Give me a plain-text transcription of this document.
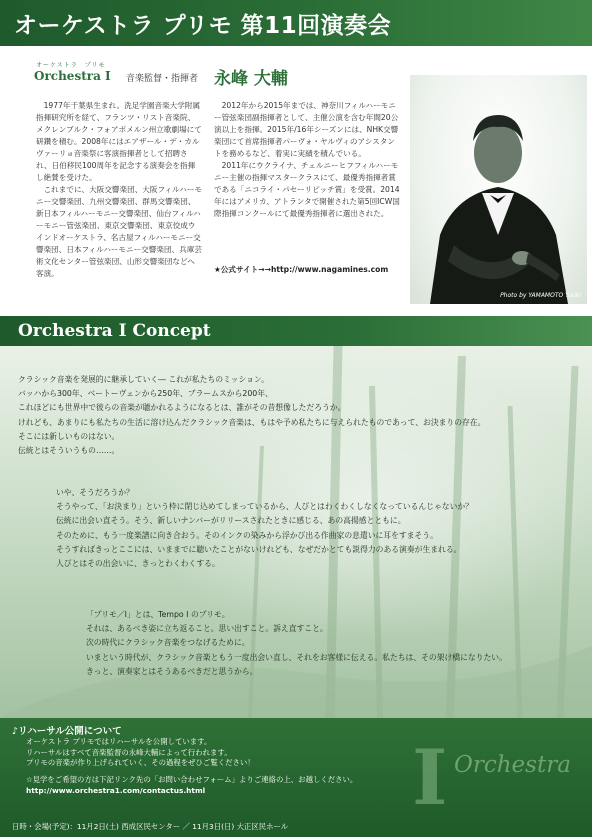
オーケストラ プリモ 第11回演奏会
オーケストラ　プリモ
Orchestra I 音楽監督・指揮者 永峰 大輔

1977年千葉県生まれ。洗足学園音楽大学附属指揮研究所を経て、フランツ・リスト音楽院、メクレンブルク・フォアポメルン州立歌劇場にて研鑽を積む。2008年にはエアザール・デ・カルヴァーリョ音楽祭に客演指揮者として招聘され、日伯移民100周年を記念する演奏会を指揮し絶賛を受けた。

これまでに、大阪交響楽団、大阪フィルハーモニー交響楽団、九州交響楽団、群馬交響楽団、新日本フィルハーモニー交響楽団、仙台フィルハーモニー管弦楽団、東京交響楽団、東京佼成ウインドオーケストラ、名古屋フィルハーモニー交響楽団、日本フィルハーモニー交響楽団、兵庫芸術文化センター管弦楽団、山形交響楽団などへ客演。

2012年から2015年までは、神奈川フィルハーモニー管弦楽団副指揮者として、主催公演を含む年間20公演以上を指揮。2015年/16年シーズンには、NHK交響楽団にて首席指揮者パーヴォ・ヤルヴィのアシスタントを務めるなど、着実に実績を積んでいる。

2011年にウクライナ、チェルニーヒフフィルハーモニー主催の指揮マスタークラスにて、最優秀指揮者賞である「ニコライ・パセーリピッチ賞」を受賞。2014年にはアメリカ、アトランタで開催された第5回ICW国際指揮コンクールにて最優秀指揮者に選出された。

★公式サイト→→http://www.nagamines.com
Photo by YAMAMOTO Yuuki
Orchestra I Concept
クラシック音楽を発展的に継承していく― これが私たちのミッション。
バッハから300年、ベートーヴェンから250年、ブラームスから200年、
これほどにも世界中で彼らの音楽が聴かれるようになるとは、誰がその昔想像しただろうか。
けれども、あまりにも私たちの生活に溶け込んだクラシック音楽は、もはや予め私たちに与えられたものであって、お決まりの存在。
そこには新しいものはない。
伝統とはそういうもの……。
いや、そうだろうか？
そうやって、「お決まり」という枠に閉じ込めてしまっているから、人びとはわくわくしなくなっているんじゃないか？
伝統に出会い直そう。そう、新しいナンバーがリリースされたときに感じる、あの高揚感とともに。
そのために、もう一度楽譜に向き合おう。そのインクの染みから浮かび出る作曲家の息遣いに耳をすまそう。
そうすればきっとここには、いままでに聴いたことがないけれども、なぜだかとても説得力のある演奏が生まれる。
人びとはその出会いに、きっとわくわくする。
「プリモ／I」とは、Tempo I のプリモ。
それは、あるべき姿に立ち返ること。思い出すこと。訴え直すこと。
次の時代にクラシック音楽をつなげるために。
いまという時代が、クラシック音楽ともう一度出会い直し、それをお客様に伝える。私たちは、その架け橋になりたい。
きっと、演奏家とはそうあるべきだと思うから。
♪リハーサル公開について
オーケストラ プリモではリハーサルを公開しています。
リハーサルはすべて音楽監督の永峰大輔によって行われます。
プリモの音楽が作り上げられていく、その過程をぜひご覧ください！
☆見学をご希望の方は下記リンク先の「お問い合わせフォーム」よりご連絡の上、お越しください。
http://www.orchestra1.com/contactus.html
日時・会場(予定)：11月2日(土) 西成区民センター ／ 11月3日(日) 大正区民ホール
I Orchestra
